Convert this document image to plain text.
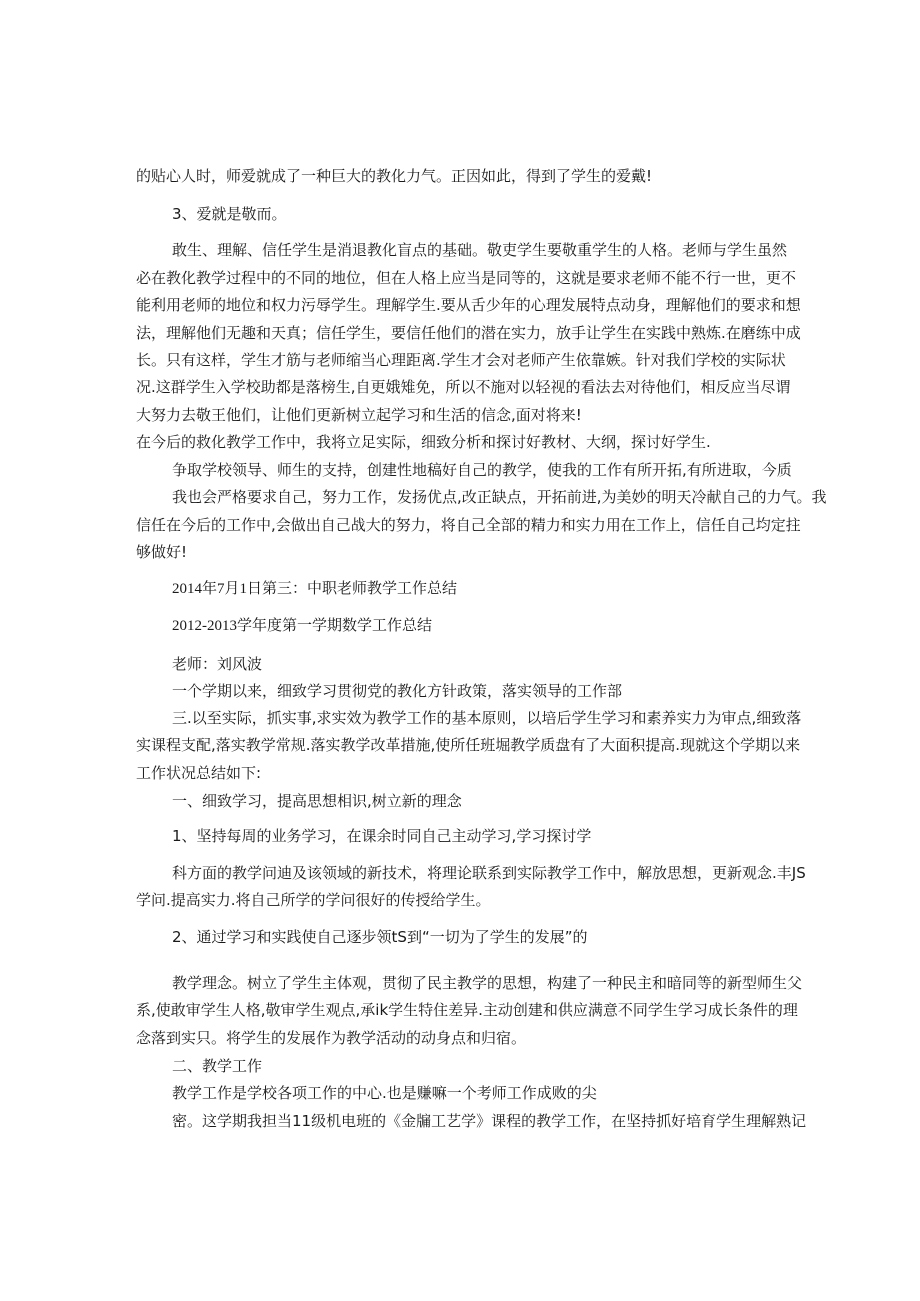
的贴心人时，师爱就成了一种巨大的教化力气。正因如此，得到了学生的爱戴!
3、爱就是敬而。
敢生、理解、信任学生是消退教化盲点的基础。敬吏学生要敬重学生的人格。老师与学生虽然
必在教化教学过程中的不同的地位，但在人格上应当是同等的，这就是要求老师不能不行一世，更不
能利用老师的地位和权力污辱学生。理解学生.要从舌少年的心理发展特点动身，理解他们的要求和想
法，理解他们无趣和天真；信任学生，要信任他们的潜在实力，放手让学生在实践中熟炼.在磨练中成
长。只有这样，学生才筋与老师缩当心理距离.学生才会对老师产生依靠嫉。针对我们学校的实际状
况.这群学生入学校助都是落榜生,自更娥雉免，所以不施对以轻视的看法去对待他们，相反应当尽谓
大努力去敬王他们，让他们更新树立起学习和生活的信念,面对将来!
在今后的救化教学工作中，我将立足实际，细致分析和探讨好教材、大纲，探讨好学生.
争取学校领导、师生的支持，创建性地稿好自己的教学，使我的工作有所开拓,有所进取，今质
我也会严格要求自己，努力工作，发扬优点,改正缺点，开拓前进,为美妙的明天冷献自己的力气。我
信任在今后的工作中,会做出自己战大的努力，将自己全部的精力和实力用在工作上，信任自己均定拄
够做好!
2014年7月1日第三：中职老师教学工作总结
2012-2013学年度第一学期数学工作总结
老师：刘风波
一个学期以来，细致学习贯彻党的教化方针政策，落实领导的工作部
三.以至实际，抓实事,求实效为教学工作的基本原则，以培后学生学习和素养实力为审点,细致落
实课程支配,落实教学常规.落实教学改革措施,使所任班堀教学质盘有了大面积提高.现就这个学期以来
工作状况总结如下:
一、细致学习，提高思想相识,树立新的理念
1、坚持每周的业务学习，在课余时同自己主动学习,学习探讨学
科方面的教学问迪及该领域的新技术，将理论联系到实际教学工作中，解放思想，更新观念.丰JS
学问.提高实力.将自己所学的学问很好的传授给学生。
2、通过学习和实践使自己逐步领tS到“一切为了学生的发展”的
教学理念。树立了学生主体观，贯彻了民主教学的思想，构建了一种民主和暗同等的新型师生父
系,使敢审学生人格,敬审学生观点,承ik学生特住差异.主动创建和供应满意不同学生学习成长条件的理
念落到实只。将学生的发展作为教学活动的动身点和归宿。
二、教学工作
教学工作是学校各项工作的中心.也是赚嘛一个考师工作成败的尖
密。这学期我担当11级机电班的《金牖工艺学》课程的教学工作，在坚持抓好培育学生理解熟记
